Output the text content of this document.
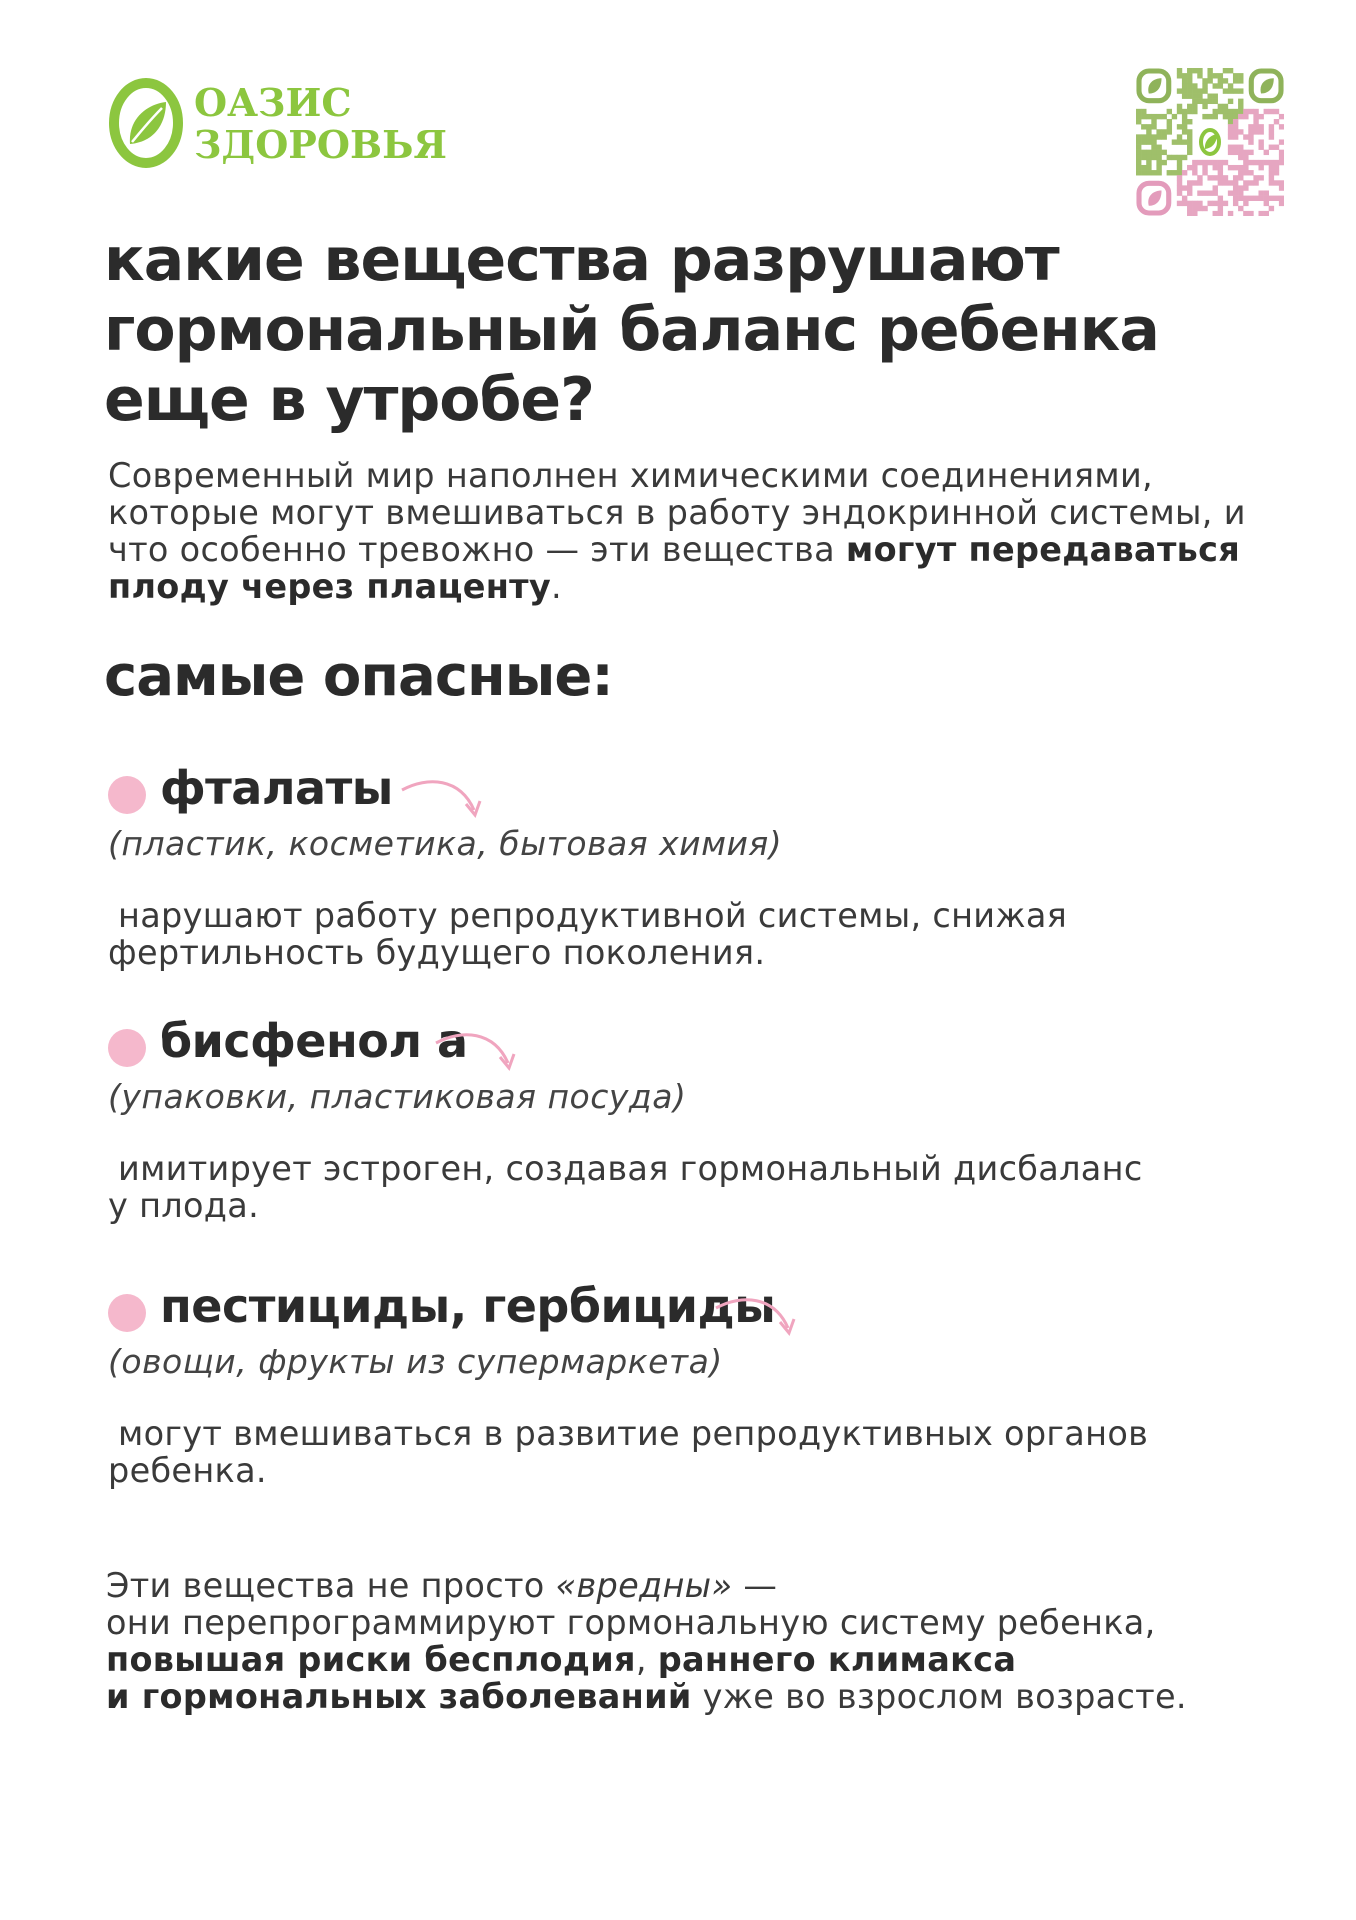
ОАЗИС
ЗДОРОВЬЯ
какие вещества разрушают
гормональный баланс ребенка
еще в утробе?
Современный мир наполнен химическими соединениями, которые могут вмешиваться в работу эндокринной системы, и что особенно тревожно — эти вещества могут передаваться плоду через плаценту.
самые опасные:
фталаты
(пластик, косметика, бытовая химия)
нарушают работу репродуктивной системы, снижая
фертильность будущего поколения.
бисфенол а
(упаковки, пластиковая посуда)
имитирует эстроген, создавая гормональный дисбаланс
у плода.
пестициды, гербициды
(овощи, фрукты из супермаркета)
могут вмешиваться в развитие репродуктивных органов
ребенка.
Эти вещества не просто «вредны» —
они перепрограммируют гормональную систему ребенка,
повышая риски бесплодия, раннего климакса
и гормональных заболеваний уже во взрослом возрасте.
